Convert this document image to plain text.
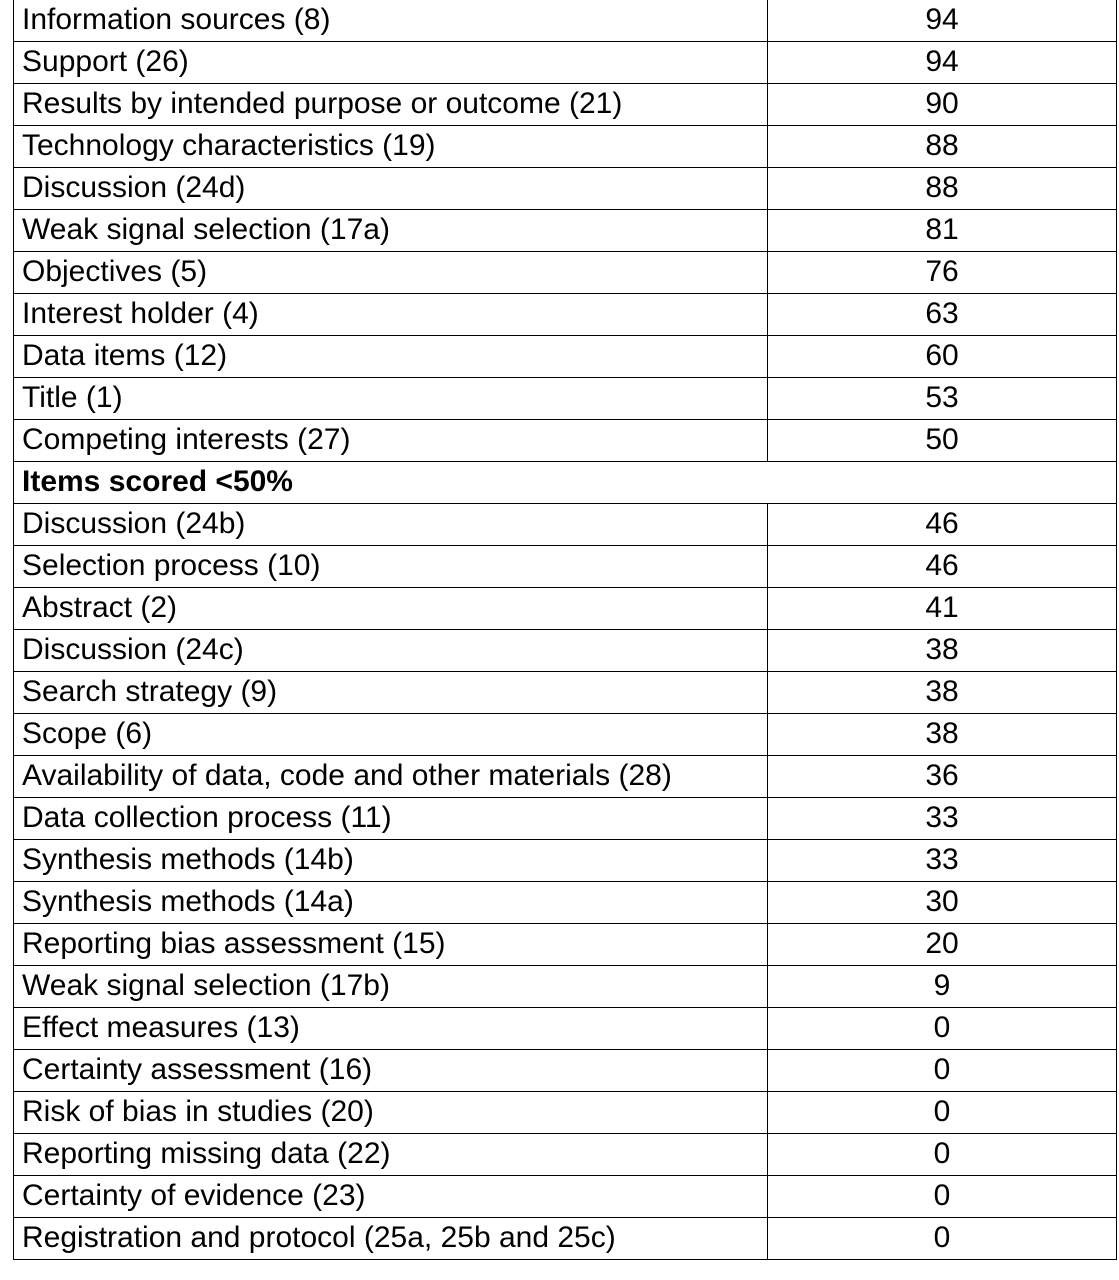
Information sources (8)	94
Support (26)	94
Results by intended purpose or outcome (21)	90
Technology characteristics (19)	88
Discussion (24d)	88
Weak signal selection (17a)	81
Objectives (5)	76
Interest holder (4)	63
Data items (12)	60
Title (1)	53
Competing interests (27)	50
Items scored <50%	
Discussion (24b)	46
Selection process (10)	46
Abstract (2)	41
Discussion (24c)	38
Search strategy (9)	38
Scope (6)	38
Availability of data, code and other materials (28)	36
Data collection process (11)	33
Synthesis methods (14b)	33
Synthesis methods (14a)	30
Reporting bias assessment (15)	20
Weak signal selection (17b)	9
Effect measures (13)	0
Certainty assessment (16)	0
Risk of bias in studies (20)	0
Reporting missing data (22)	0
Certainty of evidence (23)	0
Registration and protocol (25a, 25b and 25c)	0
